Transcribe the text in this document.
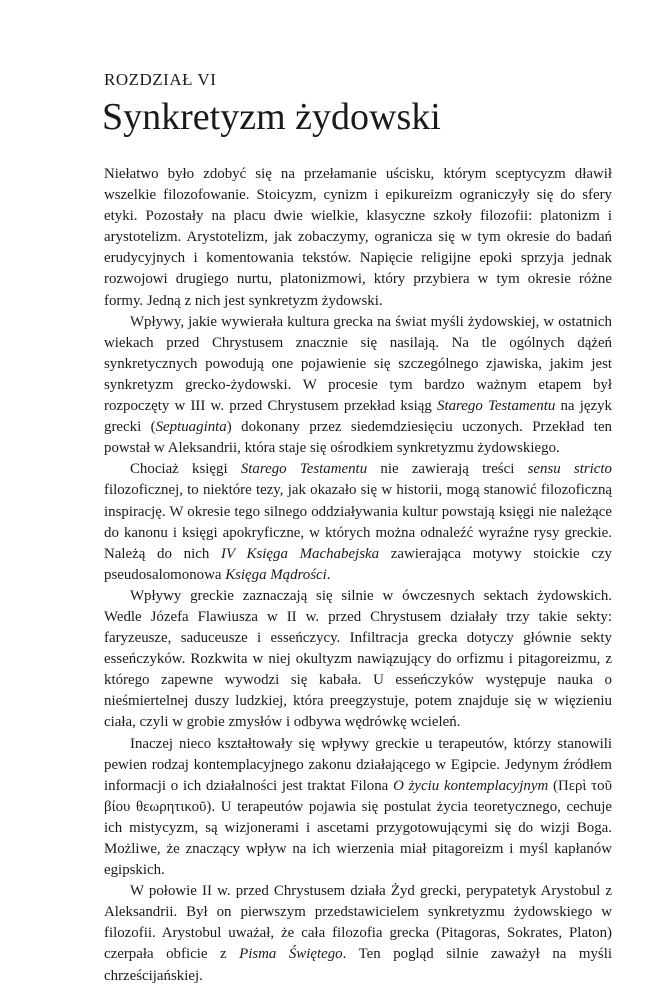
ROZDZIAŁ VI
Synkretyzm żydowski

Niełatwo było zdobyć się na przełamanie uścisku, którym sceptycyzm dławił wszelkie filozofowanie. Stoicyzm, cynizm i epikureizm ograniczyły się do sfery etyki. Pozostały na placu dwie wielkie, klasyczne szkoły filozofii: platonizm i arystotelizm. Arystotelizm, jak zobaczymy, ogranicza się w tym okresie do badań erudycyjnych i komentowania tekstów. Napięcie religijne epoki sprzyja jednak rozwojowi drugiego nurtu, platonizmowi, który przybiera w tym okresie różne formy. Jedną z nich jest synkretyzm żydowski.

Wpływy, jakie wywierała kultura grecka na świat myśli żydowskiej, w ostatnich wiekach przed Chrystusem znacznie się nasilają. Na tle ogólnych dążeń synkretycznych powodują one pojawienie się szczególnego zjawiska, jakim jest synkretyzm grecko-żydowski. W procesie tym bardzo ważnym etapem był rozpoczęty w III w. przed Chrystusem przekład ksiąg Starego Testamentu na język grecki (Septuaginta) dokonany przez siedemdziesięciu uczonych. Przekład ten powstał w Aleksandrii, która staje się ośrodkiem synkretyzmu żydowskiego.

Chociaż księgi Starego Testamentu nie zawierają treści sensu stricto filozoficznej, to niektóre tezy, jak okazało się w historii, mogą stanowić filozoficzną inspirację. W okresie tego silnego oddziaływania kultur powstają księgi nie należące do kanonu i księgi apokryficzne, w których można odnaleźć wyraźne rysy greckie. Należą do nich IV Księga Machabejska zawierająca motywy stoickie czy pseudosalomonowa Księga Mądrości.

Wpływy greckie zaznaczają się silnie w ówczesnych sektach żydowskich. Wedle Józefa Flawiusza w II w. przed Chrystusem działały trzy takie sekty: faryzeusze, saduceusze i esseńczycy. Infiltracja grecka dotyczy głównie sekty esseńczyków. Rozkwita w niej okultyzm nawiązujący do orfizmu i pitagoreizmu, z którego zapewne wywodzi się kabała. U esseńczyków występuje nauka o nieśmiertelnej duszy ludzkiej, która preegzystuje, potem znajduje się w więzieniu ciała, czyli w grobie zmysłów i odbywa wędrówkę wcieleń.

Inaczej nieco kształtowały się wpływy greckie u terapeutów, którzy stanowili pewien rodzaj kontemplacyjnego zakonu działającego w Egipcie. Jedynym źródłem informacji o ich działalności jest traktat Filona O życiu kontemplacyjnym (Περὶ τοῦ βίου θεωρητικοῦ). U terapeutów pojawia się postulat życia teoretycznego, cechuje ich mistycyzm, są wizjonerami i ascetami przygotowującymi się do wizji Boga. Możliwe, że znaczący wpływ na ich wierzenia miał pitagoreizm i myśl kapłanów egipskich.

W połowie II w. przed Chrystusem działa Żyd grecki, perypatetyk Arystobul z Aleksandrii. Był on pierwszym przedstawicielem synkretyzmu żydowskiego w filozofii. Arystobul uważał, że cała filozofia grecka (Pitagoras, Sokrates, Platon) czerpała obficie z Pisma Świętego. Ten pogląd silnie zaważył na myśli chrześcijańskiej.
